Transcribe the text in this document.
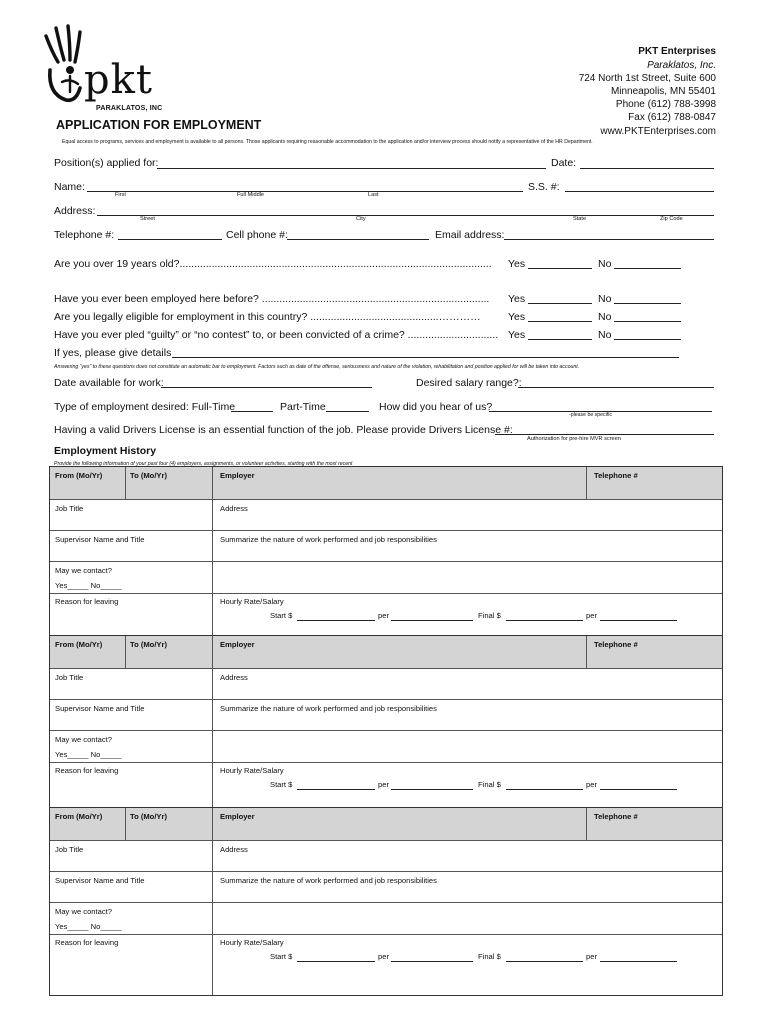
pkt
PARAKLATOS, INC
APPLICATION FOR EMPLOYMENT
PKT Enterprises
Paraklatos, Inc.
724 North 1st Street, Suite 600
Minneapolis, MN 55401
Phone (612) 788-3998
Fax (612) 788-0847
www.PKTEnterprises.com
Equal access to programs, services and employment is available to all persons. Those applicants requiring reasonable accommodation to the application and/or interview process should notify a representative of the HR Department.
Position(s) applied for:	Date:
Name:	S.S. #:
First	Full Middle	Last
Address:
Street	City	State	Zip Code
Telephone #:	Cell phone #:	Email address:
Are you over 19 years old?........................................................................................................... Yes	No
Have you ever been employed here before? .............................................................................. Yes	No
Are you legally eligible for employment in this country? ............................................…………	Yes	No
Have you ever pled “guilty” or “no contest” to, or been convicted of a crime? ............................... Yes	No
If yes, please give details
Answering “yes” to these questions does not constitute an automatic bar to employment. Factors such as date of the offense, seriousness and nature of the violation, rehabilitation and position applied for will be taken into account.
Date available for work:	Desired salary range?:
Type of employment desired: Full-Time	Part-Time	How did you hear of us?
-please be specific
Having a valid Drivers License is an essential function of the job. Please provide Drivers License #:
Authorization for pre-hire MVR screen
Employment History
Provide the following information of your past four (4) employers, assignments, or volunteer activities, starting with the most recent
From (Mo/Yr)	To (Mo/Yr)	Employer	Telephone #
Job Title	Address
Supervisor Name and Title	Summarize the nature of work performed and job responsibilities
May we contact?
Yes_____ No_____
Reason for leaving	Hourly Rate/Salary
Start $	per	Final $	per
From (Mo/Yr)	To (Mo/Yr)	Employer	Telephone #
Job Title	Address
Supervisor Name and Title	Summarize the nature of work performed and job responsibilities
May we contact?
Yes_____ No_____
Reason for leaving	Hourly Rate/Salary
Start $	per	Final $	per
From (Mo/Yr)	To (Mo/Yr)	Employer	Telephone #
Job Title	Address
Supervisor Name and Title	Summarize the nature of work performed and job responsibilities
May we contact?
Yes_____ No_____
Reason for leaving	Hourly Rate/Salary
Start $	per	Final $	per
